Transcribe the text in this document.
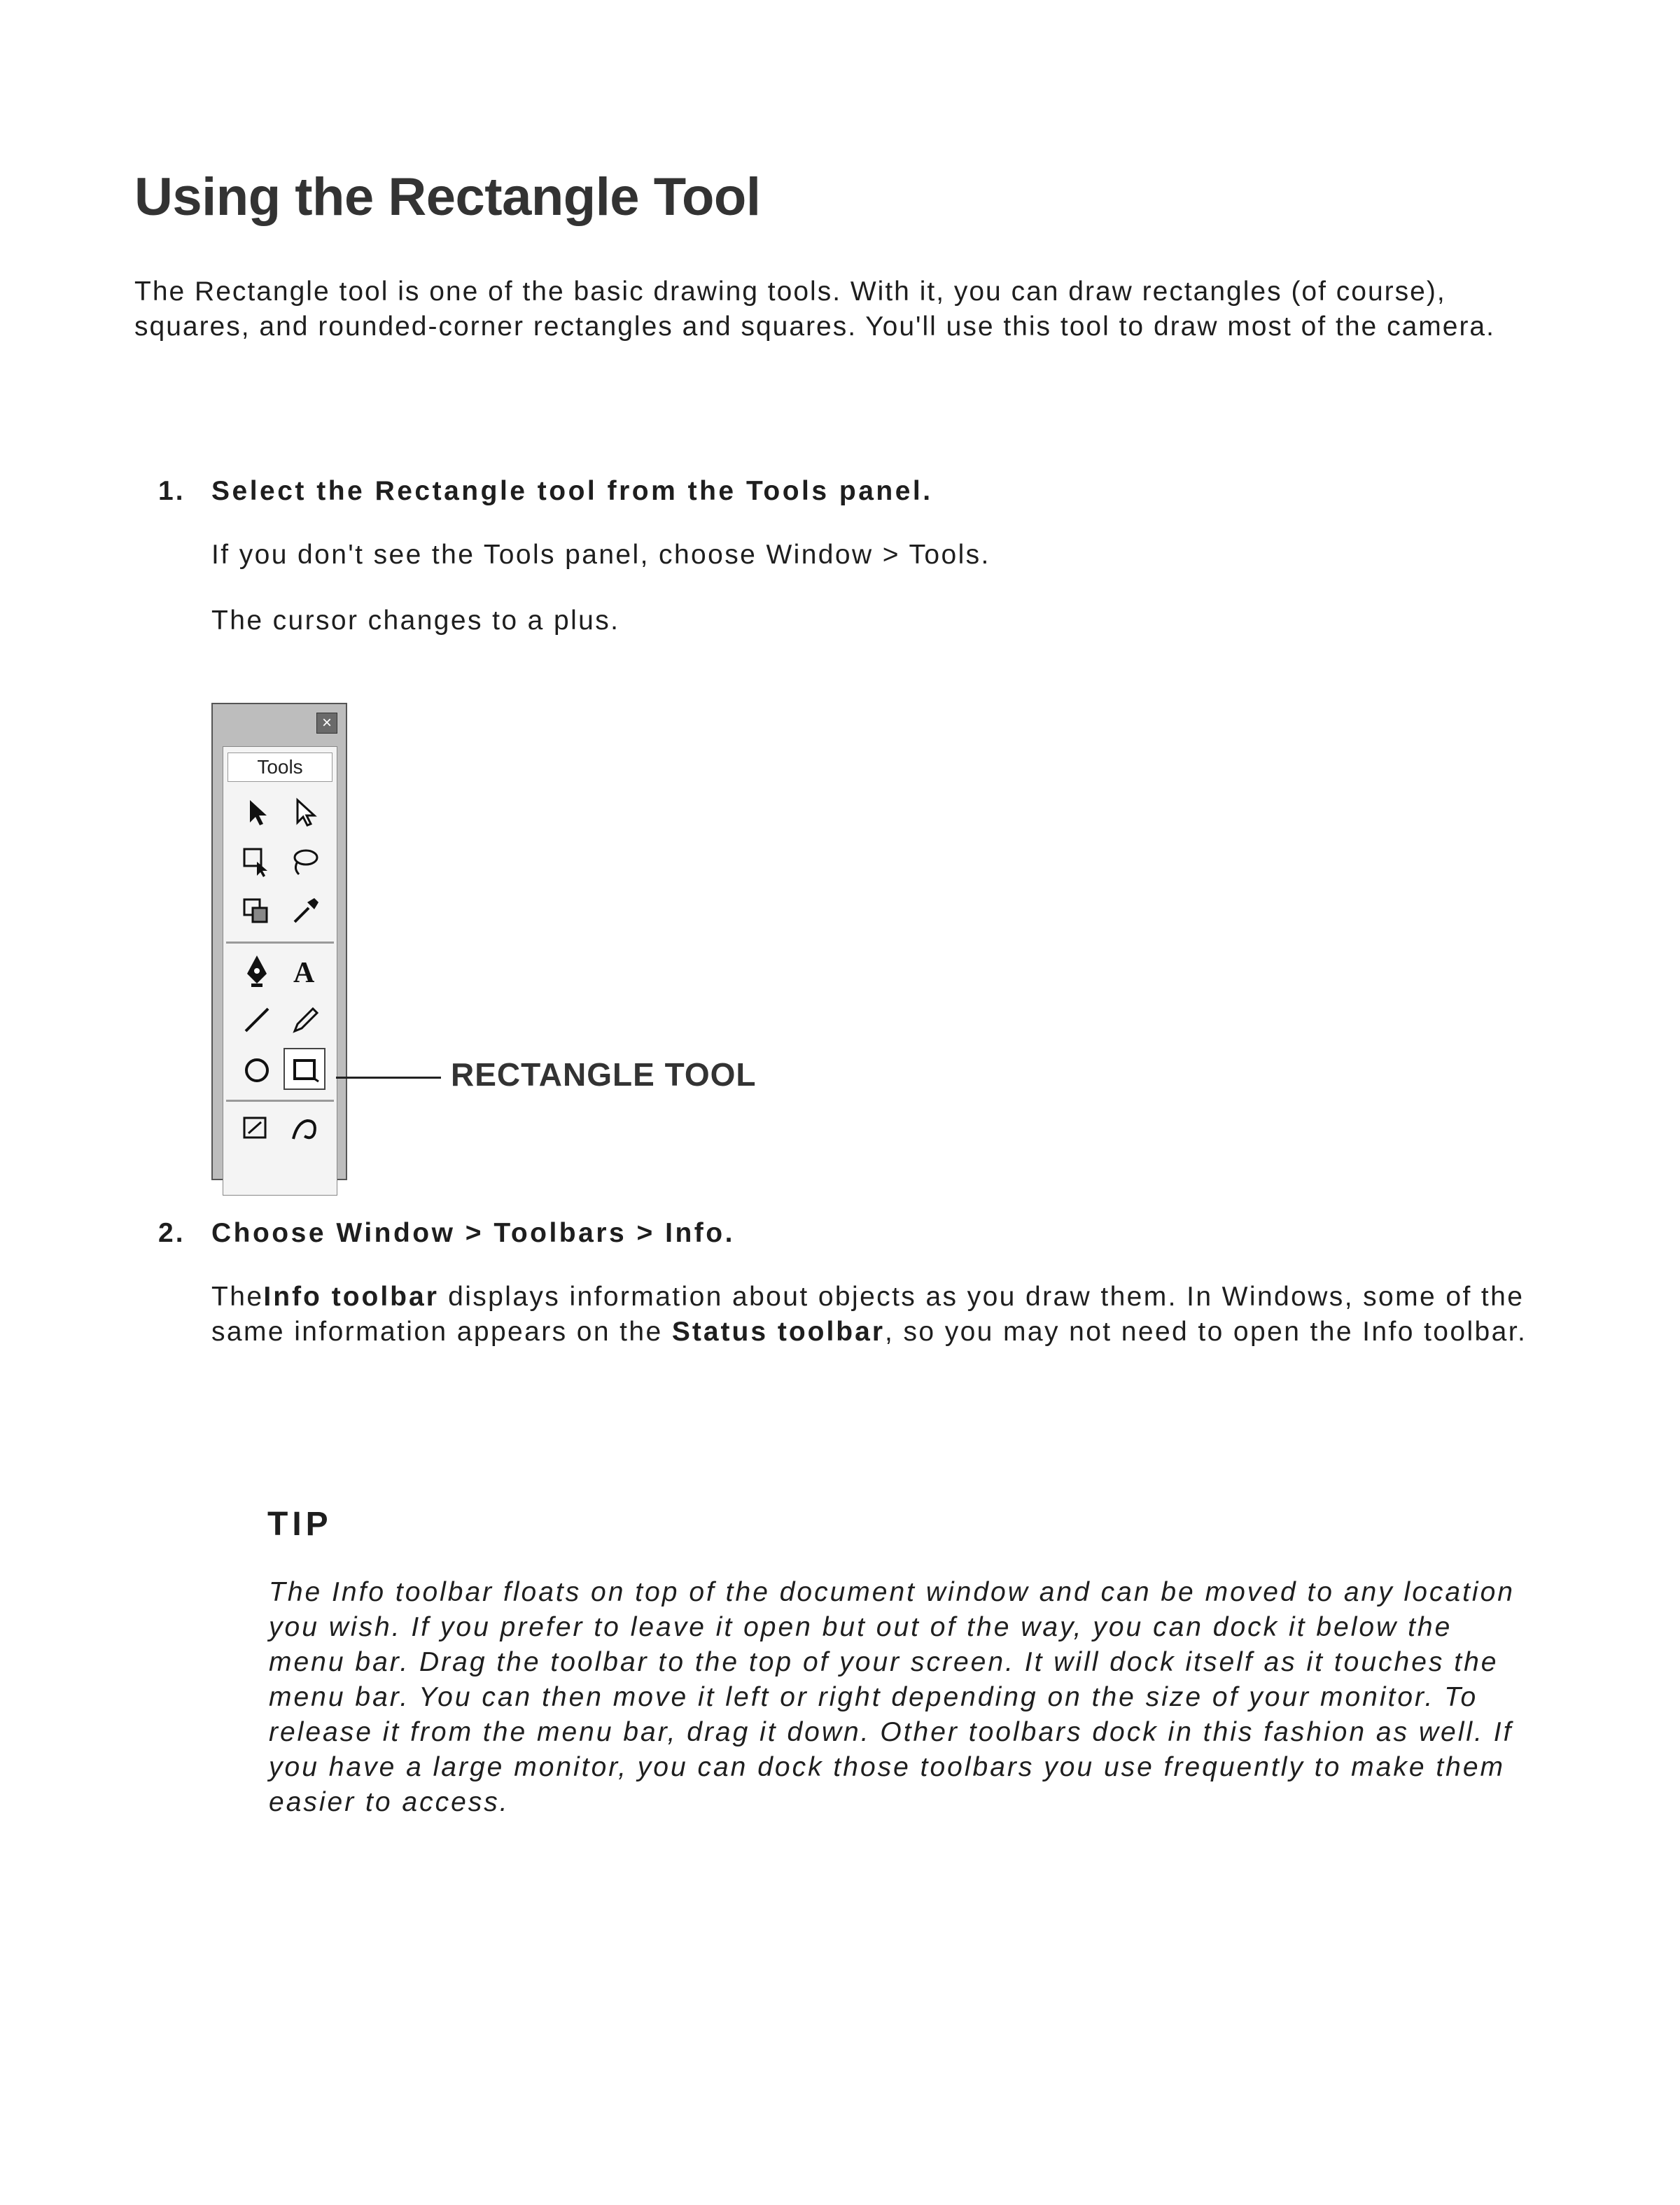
Using the Rectangle Tool

The Rectangle tool is one of the basic drawing tools. With it, you can draw rectangles (of course), squares, and rounded-corner rectangles and squares. You'll use this tool to draw most of the camera.

1. Select the Rectangle tool from the Tools panel.

If you don't see the Tools panel, choose Window > Tools.

The cursor changes to a plus.

×
Tools
A

RECTANGLE TOOL

2. Choose Window > Toolbars > Info.

TheInfo toolbar displays information about objects as you draw them. In Windows, some of the same information appears on the Status toolbar, so you may not need to open the Info toolbar.

TIP

The Info toolbar floats on top of the document window and can be moved to any location you wish. If you prefer to leave it open but out of the way, you can dock it below the menu bar. Drag the toolbar to the top of your screen. It will dock itself as it touches the menu bar. You can then move it left or right depending on the size of your monitor. To release it from the menu bar, drag it down. Other toolbars dock in this fashion as well. If you have a large monitor, you can dock those toolbars you use frequently to make them easier to access.
